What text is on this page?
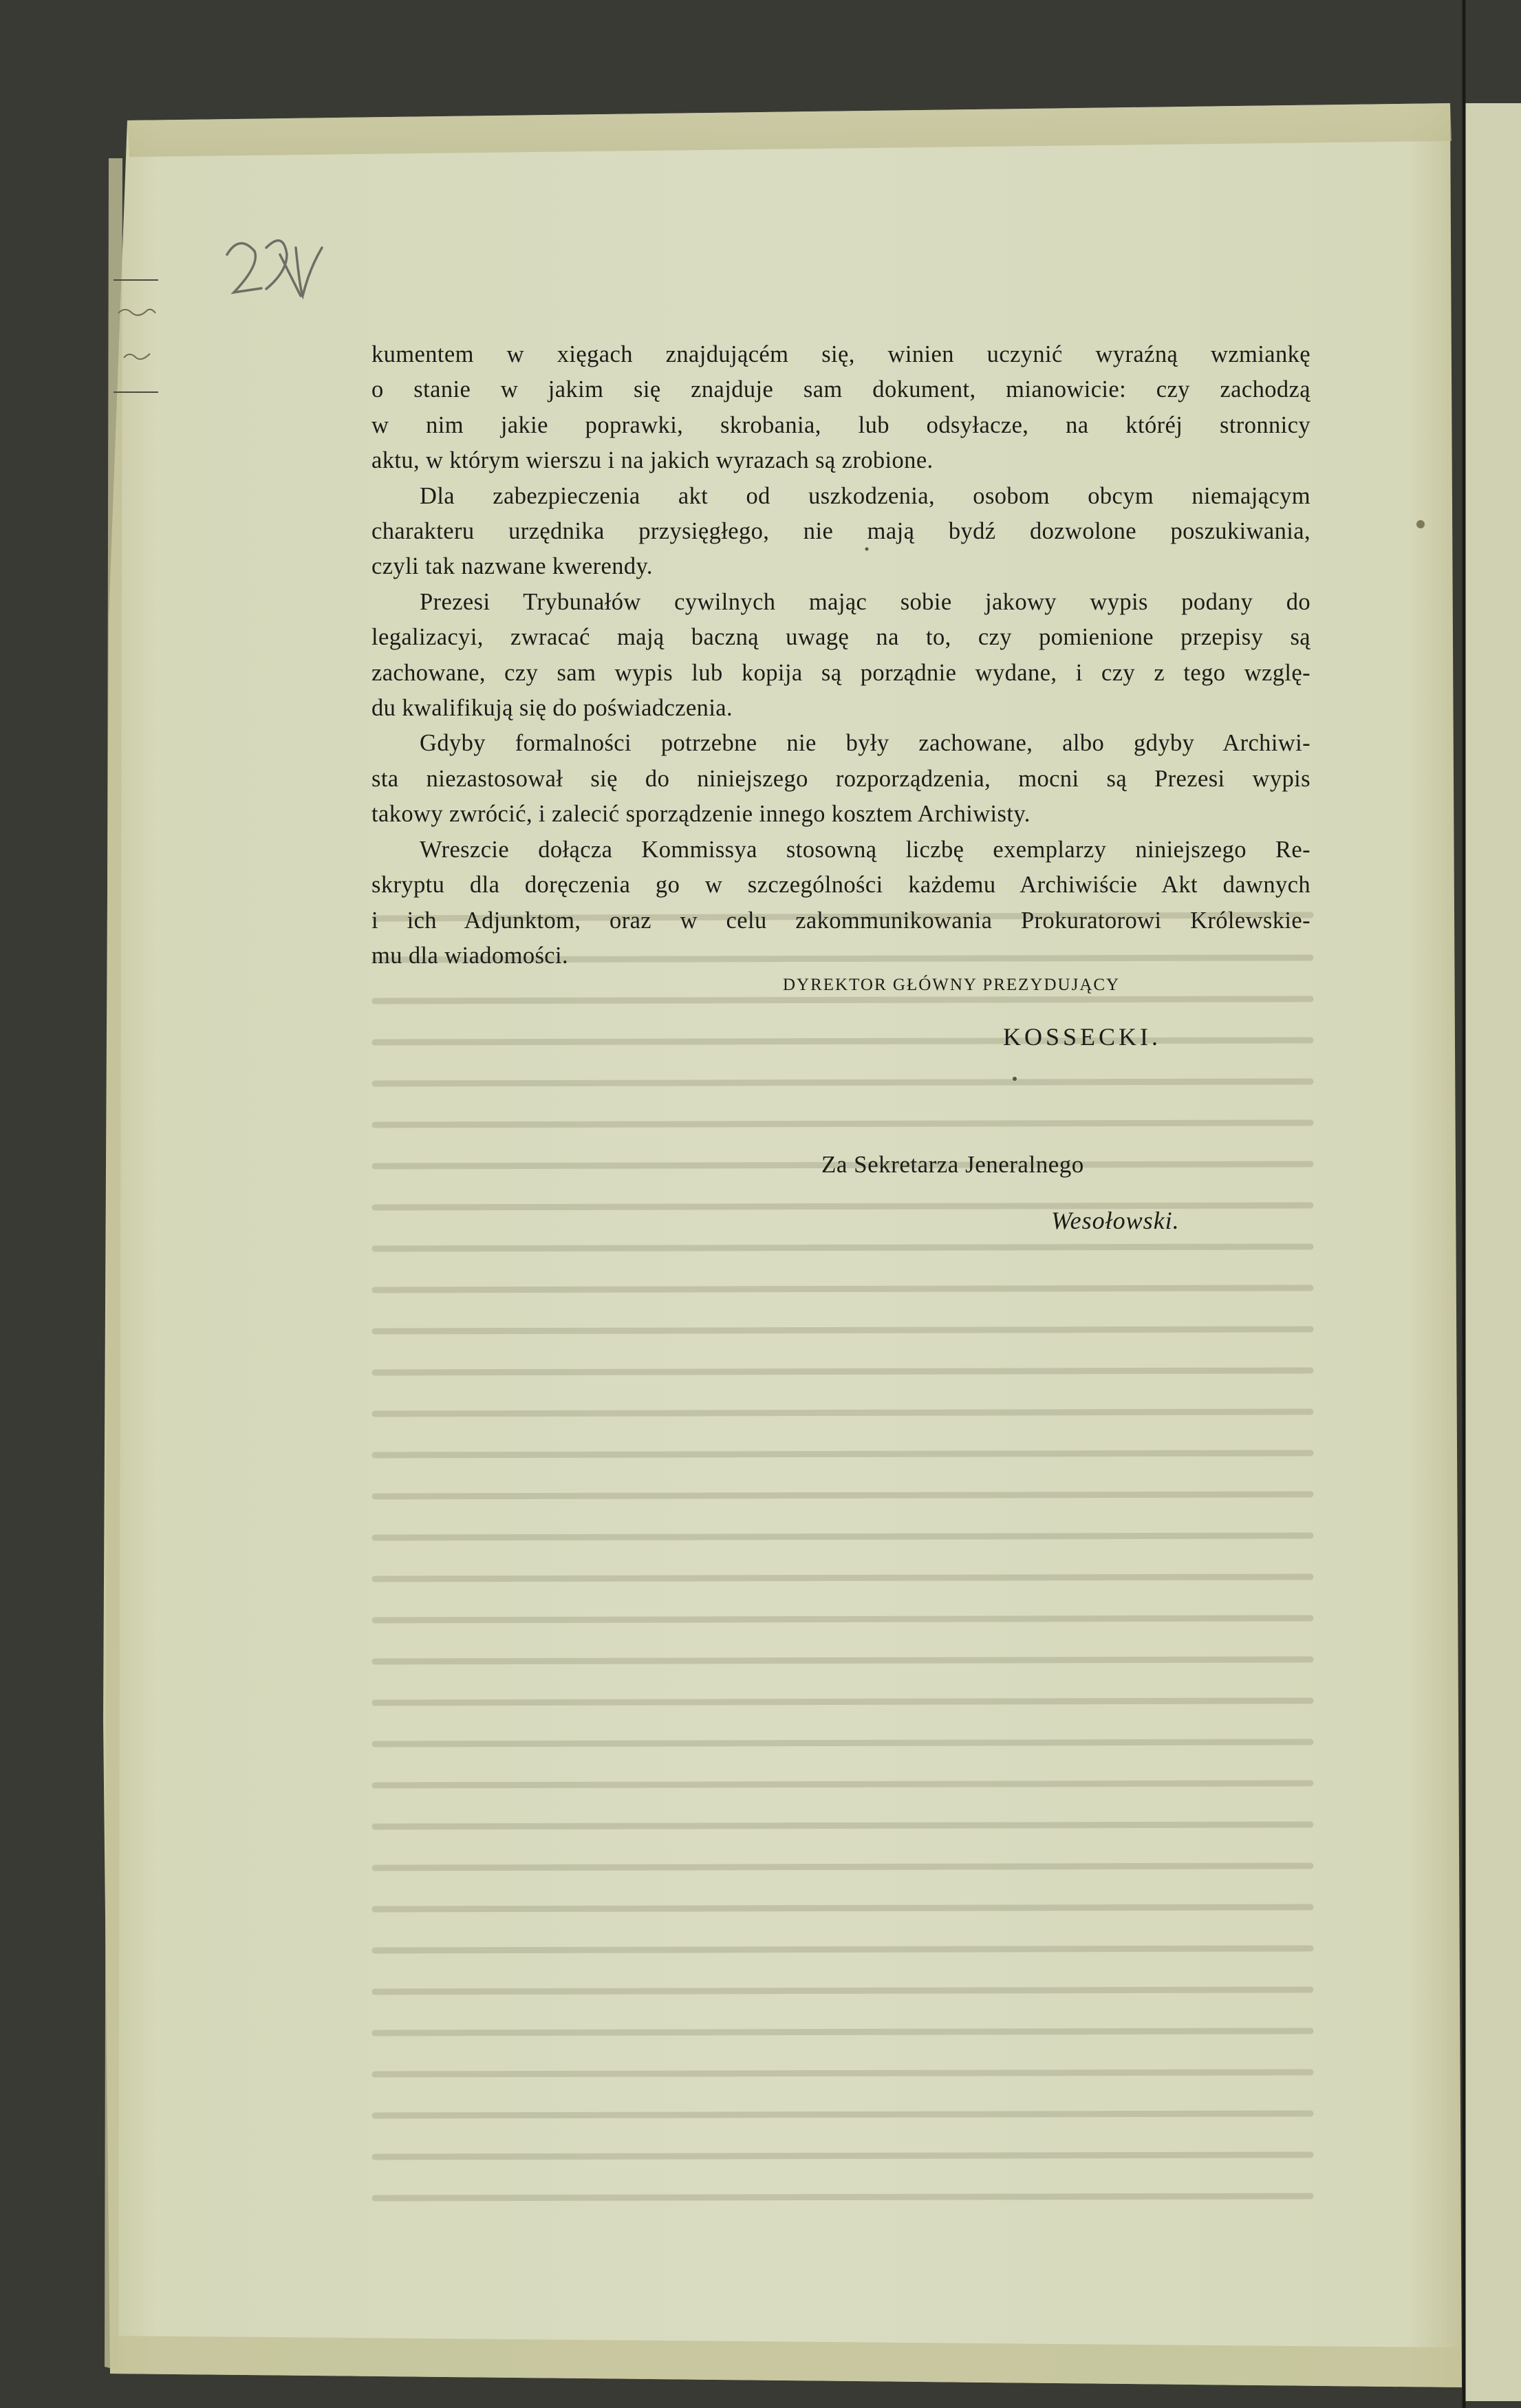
kumentem w xięgach znajdującém się, winien uczynić wyraźną wzmiankę
o stanie w jakim się znajduje sam dokument, mianowicie: czy zachodzą
w nim jakie poprawki, skrobania, lub odsyłacze, na któréj stronnicy
aktu, w którym wierszu i na jakich wyrazach są zrobione.
Dla zabezpieczenia akt od uszkodzenia, osobom obcym niemającym
charakteru urzędnika przysięgłego, nie mają bydź dozwolone poszukiwania,
czyli tak nazwane kwerendy.
Prezesi Trybunałów cywilnych mając sobie jakowy wypis podany do
legalizacyi, zwracać mają baczną uwagę na to, czy pomienione przepisy są
zachowane, czy sam wypis lub kopija są porządnie wydane, i czy z tego wzglę-
du kwalifikują się do poświadczenia.
Gdyby formalności potrzebne nie były zachowane, albo gdyby Archiwi-
sta niezastosował się do niniejszego rozporządzenia, mocni są Prezesi wypis
takowy zwrócić, i zalecić sporządzenie innego kosztem Archiwisty.
Wreszcie dołącza Kommissya stosowną liczbę exemplarzy niniejszego Re-
skryptu dla doręczenia go w szczególności każdemu Archiwiście Akt dawnych
i ich Adjunktom, oraz w celu zakommunikowania Prokuratorowi Królewskie-
mu dla wiadomości.
DYREKTOR GŁÓWNY PREZYDUJĄCY
KOSSECKI.
Za Sekretarza Jeneralnego
Wesołowski.
